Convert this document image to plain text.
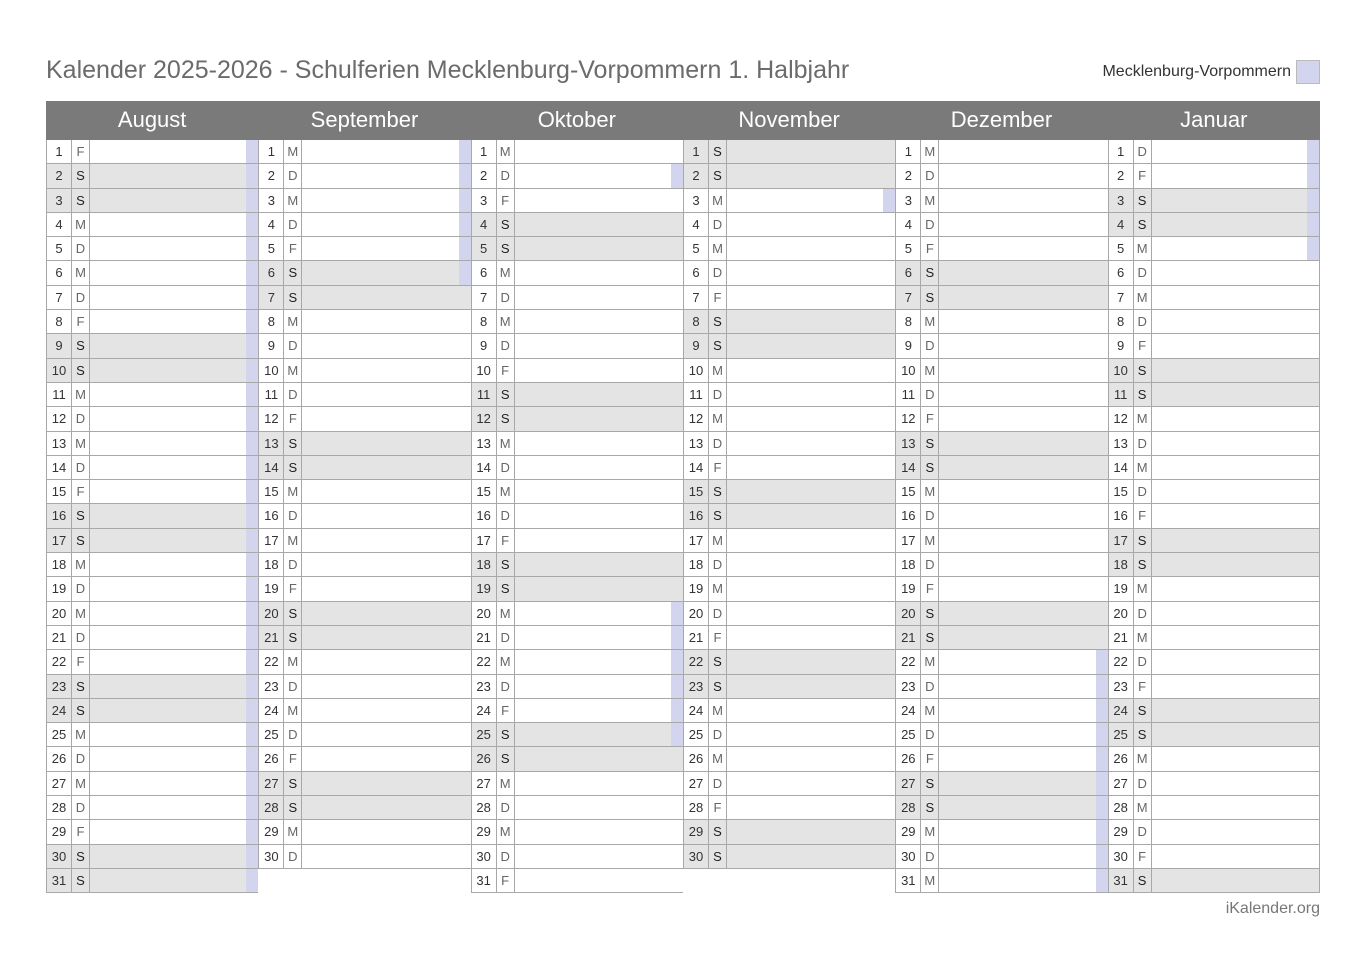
Kalender 2025-2026 - Schulferien Mecklenburg-Vorpommern 1. Halbjahr	Mecklenburg-Vorpommern
August	September	Oktober	November	Dezember	Januar
1	F
2	S
3	S
4 M
5	D
6 M
7	D
8	F
9	S
10 S
11 M
12 D
13 M
14 D
15 F
16 S
17 S
18 M
19 D
20 M
21 D
22 F
23 S
24 S
25 M
26 D
27 M
28 D
29 F
30 S
31 S
1 M
2	D
3 M
4	D
5	F
6	S
7	S
8 M
9	D
10 M
11 D
12 F
13 S
14 S
15 M
16 D
17 M
18 D
19 F
20 S
21 S
22 M
23 D
24 M
25 D
26 F
27 S
28 S
29 M
30 D
1 M
2	D
3	F
4	S
5	S
6 M
7	D
8 M
9	D
10 F
11 S
12 S
13 M
14 D
15 M
16 D
17 F
18 S
19 S
20 M
21 D
22 M
23 D
24 F
25 S
26 S
27 M
28 D
29 M
30 D
31 F
1	S
2	S
3 M
4	D
5 M
6	D
7	F
8	S
9	S
10 M
11 D
12 M
13 D
14 F
15 S
16 S
17 M
18 D
19 M
20 D
21 F
22 S
23 S
24 M
25 D
26 M
27 D
28 F
29 S
30 S
1 M
2	D
3 M
4	D
5	F
6	S
7	S
8 M
9	D
10 M
11 D
12 F
13 S
14 S
15 M
16 D
17 M
18 D
19 F
20 S
21 S
22 M
23 D
24 M
25 D
26 F
27 S
28 S
29 M
30 D
31 M
1	D
2	F
3	S
4	S
5 M
6	D
7 M
8	D
9	F
10 S
11 S
12 M
13 D
14 M
15 D
16 F
17 S
18 S
19 M
20 D
21 M
22 D
23 F
24 S
25 S
26 M
27 D
28 M
29 D
30 F
31 S
iKalender.org
